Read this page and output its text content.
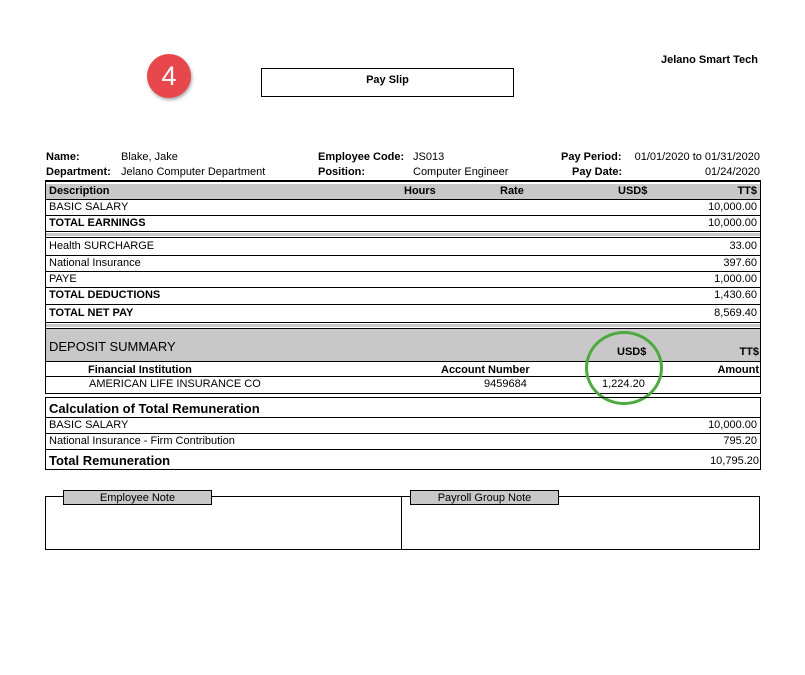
4
Jelano Smart Tech
Pay Slip
Name:	Blake, Jake
Department: Jelano Computer Department
Employee Code: JS013
Position:	Computer Engineer
Pay Period: 01/01/2020 to 01/31/2020
Pay Date:	01/24/2020
Description	Hours	Rate	USD$	TT$
BASIC SALARY	10,000.00
TOTAL EARNINGS	10,000.00
Health SURCHARGE	33.00
National Insurance	397.60
PAYE	1,000.00
TOTAL DEDUCTIONS	1,430.60
TOTAL NET PAY	8,569.40
DEPOSIT SUMMARY	USD$	TT$
Financial Institution	Account Number	Amount
AMERICAN LIFE INSURANCE CO	9459684	1,224.20
Calculation of Total Remuneration
BASIC SALARY	10,000.00
National Insurance - Firm Contribution	795.20
Total Remuneration	10,795.20
Employee Note	Payroll Group Note
